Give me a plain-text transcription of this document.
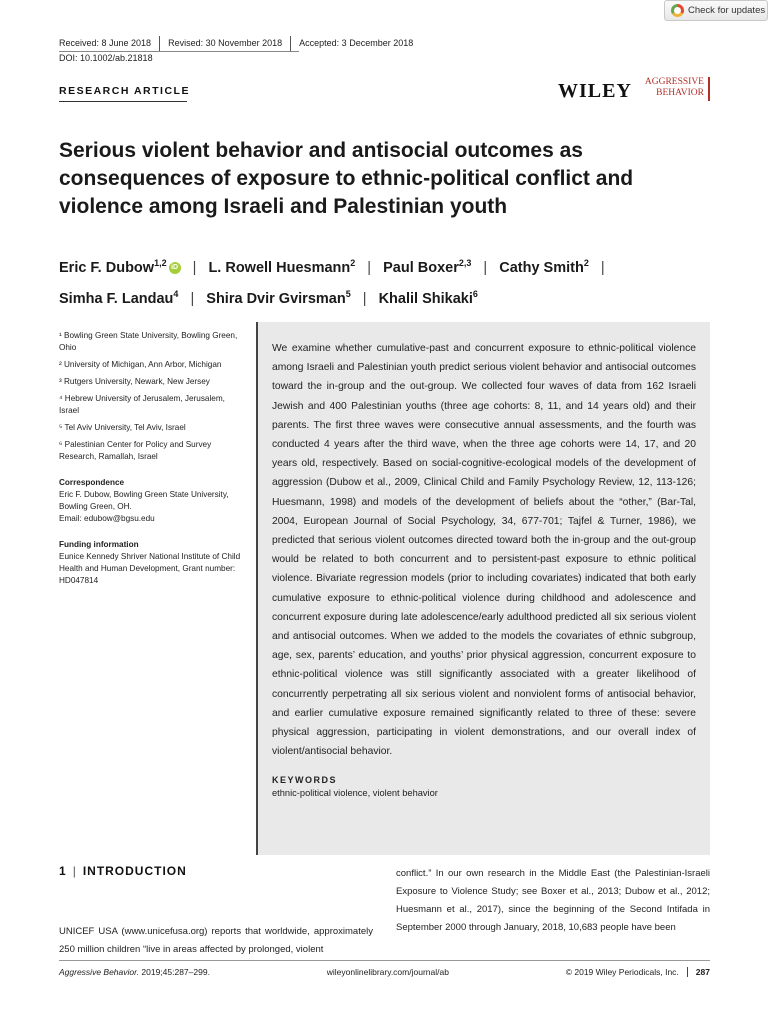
Check for updates
Received: 8 June 2018	Revised: 30 November 2018	Accepted: 3 December 2018
DOI: 10.1002/ab.21818
RESEARCH ARTICLE	WILEY	AGGRESSIVE
BEHAVIOR
Serious violent behavior and antisocial outcomes as consequences of exposure to ethnic-political conflict and violence among Israeli and Palestinian youth
Eric F. Dubow$^{1,2}$ iD | L. Rowell Huesmann$^2$ | Paul Boxer$^{2,3}$ | Cathy Smith$^2$ |
Simha F. Landau$^4$ | Shira Dvir Gvirsman$^5$ | Khalil Shikaki$^6$

¹ Bowling Green State University, Bowling Green, Ohio

² University of Michigan, Ann Arbor, Michigan

³ Rutgers University, Newark, New Jersey

⁴ Hebrew University of Jerusalem, Jerusalem, Israel

⁵ Tel Aviv University, Tel Aviv, Israel

⁶ Palestinian Center for Policy and Survey Research, Ramallah, Israel

Correspondence

Eric F. Dubow, Bowling Green State University, Bowling Green, OH.

Email: edubow@bgsu.edu

Funding information

Eunice Kennedy Shriver National Institute of Child Health and Human Development, Grant number: HD047814

We examine whether cumulative-past and concurrent exposure to ethnic-political violence among Israeli and Palestinian youth predict serious violent behavior and antisocial outcomes toward the in-group and the out-group. We collected four waves of data from 162 Israeli Jewish and 400 Palestinian youths (three age cohorts: 8, 11, and 14 years old) and their parents. The first three waves were consecutive annual assessments, and the fourth was conducted 4 years after the third wave, when the three age cohorts were 14, 17, and 20 years old, respectively. Based on social-cognitive-ecological models of the development of aggression (Dubow et al., 2009, Clinical Child and Family Psychology Review, 12, 113-126; Huesmann, 1998) and models of the development of beliefs about the “other,” (Bar-Tal, 2004, European Journal of Social Psychology, 34, 677-701; Tajfel & Turner, 1986), we predicted that serious violent outcomes directed toward both the in-group and the out-group would be related to both concurrent and to persistent-past exposure to ethnic political violence. Bivariate regression models (prior to including covariates) indicated that both early cumulative exposure to ethnic-political violence during childhood and adolescence and concurrent exposure during late adolescence/early adulthood predicted all six serious violent and antisocial outcomes. When we added to the models the covariates of ethnic subgroup, age, sex, parents’ education, and youths’ prior physical aggression, concurrent exposure to ethnic-political violence was still significantly associated with a greater likelihood of concurrently perpetrating all six serious violent and nonviolent forms of antisocial behavior, and earlier cumulative exposure remained significantly related to three of these: severe physical aggression, participating in violent demonstrations, and our overall index of violent/antisocial behavior.

KEYWORDS
ethnic-political violence, violent behavior
1 | INTRODUCTION

UNICEF USA (www.unicefusa.org) reports that worldwide, approximately 250 million children “live in areas affected by prolonged, violent

conflict.” In our own research in the Middle East (the Palestinian-Israeli Exposure to Violence Study; see Boxer et al., 2013; Dubow et al., 2012; Huesmann et al., 2017), since the beginning of the Second Intifada in September 2000 through January, 2018, 10,683 people have been

Aggressive Behavior. 2019;45:287–299.	wileyonlinelibrary.com/journal/ab	© 2019 Wiley Periodicals, Inc.	287
